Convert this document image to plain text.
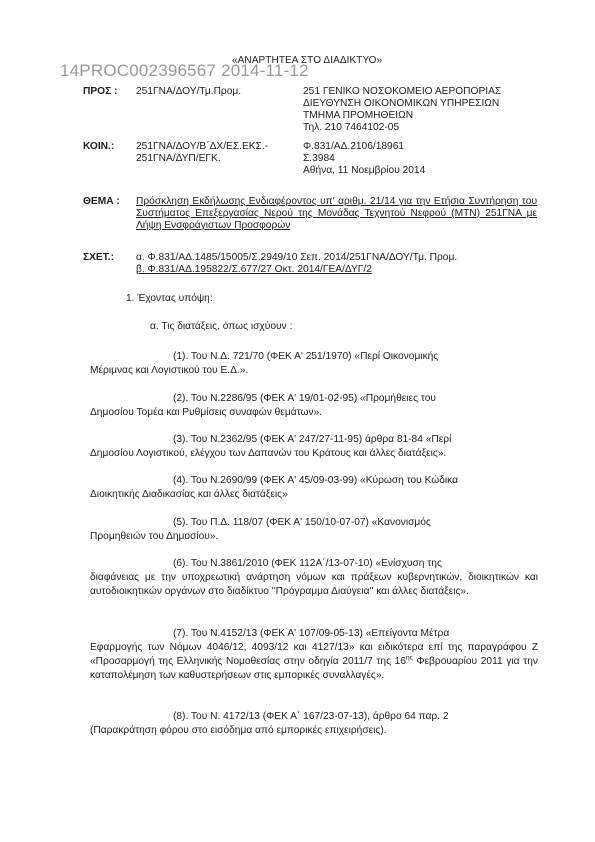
«ΑΝΑΡΤΗΤΕΑ ΣΤΟ ΔΙΑΔΙΚΤΥΟ»
14PROC002396567 2014-11-12
ΠΡΟΣ : 251ΓΝΑ/ΔΟΥ/Τμ.Προμ.	251 ΓΕΝΙΚΟ ΝΟΣΟΚΟΜΕΙΟ ΑΕΡΟΠΟΡΙΑΣ
ΔΙΕΥΘΥΝΣΗ ΟΙΚΟΝΟΜΙΚΩΝ ΥΠΗΡΕΣΙΩΝ
ΤΜΗΜΑ ΠΡΟΜΗΘΕΙΩΝ
Τηλ. 210 7464102-05
ΚΟΙΝ.: 251ΓΝΑ/ΔΟΥ/Β΄ΔΧ/ΕΣ.ΕΚΣ.-
251ΓΝΑ/ΔΥΠ/ΕΓΚ.
Φ.831/ΑΔ.2106/18961
Σ.3984
Αθήνα, 11 Νοεμβρίου 2014
ΘΕΜΑ : Πρόσκληση Εκδήλωσης Ενδιαφέροντος υπ' αριθμ. 21/14 για την Ετήσια Συντήρηση του Συστήματος Επεξεργασίας Νερού της Μονάδας Τεχνητού Νεφρού (ΜΤΝ) 251ΓΝΑ με Λήψη Ενσφράγιστων Προσφορών
ΣΧΕΤ.: α. Φ.831/ΑΔ.1485/15005/Σ.2949/10 Σεπ. 2014/251ΓΝΑ/ΔΟΥ/Τμ. Προμ.
β. Φ.831/ΑΔ.195822/Σ.677/27 Οκτ. 2014/ΓΕΑ/ΔΥΓ/2
1. Έχοντας υπόψη:
α. Τις διατάξεις, όπως ισχύουν :
(1). Του Ν.Δ. 721/70 (ΦΕΚ Α' 251/1970) «Περί Οικονομικής
Μέριμνας και Λογιστικού του Ε.Δ.».
(2). Του Ν.2286/95 (ΦΕΚ Α' 19/01-02-95) «Προμήθειες του
Δημοσίου Τομέα και Ρυθμίσεις συναφών θεμάτων».
(3). Του Ν.2362/95 (ΦΕΚ Α' 247/27-11-95) άρθρα 81-84 «Περί
Δημοσίου Λογιστικού, ελέγχου των Δαπανών του Κράτους και άλλες διατάξεις».
(4). Του Ν.2690/99 (ΦΕΚ Α' 45/09-03-99) «Κύρωση του Κώδικα
Διοικητικής Διαδικασίας και άλλες διατάξεις»
(5). Του Π.Δ. 118/07 (ΦΕΚ Α' 150/10-07-07) «Κανονισμός
Προμηθειών του Δημοσίου».
(6). Του Ν.3861/2010 (ΦΕΚ 112Α΄/13-07-10) «Ενίσχυση της
διαφάνειας με την υποχρεωτική ανάρτηση νόμων και πράξεων κυβερνητικών, διοικητικών και αυτοδιοικητικών οργάνων στο διαδίκτυο ''Πρόγραμμα Διαύγεια'' και άλλες διατάξεις».
(7). Του Ν.4152/13 (ΦΕΚ Α' 107/09-05-13) «Επείγοντα Μέτρα
Εφαρμογής των Νόμων 4046/12, 4093/12 και 4127/13» και ειδικότερα επί της παραγράφου Ζ «Προσαρμογή της Ελληνικής Νομοθεσίας στην οδηγία 2011/7 της $16^{\eta\varsigma}$ Φεβρουαρίου 2011 για την καταπολέμηση των καθυστερήσεων στις εμπορικές συναλλαγές».
(8). Του Ν. 4172/13 (ΦΕΚ Α΄ 167/23-07-13), άρθρο 64 παρ. 2
(Παρακράτηση φόρου στο εισόδημα από εμπορικές επιχειρήσεις).
